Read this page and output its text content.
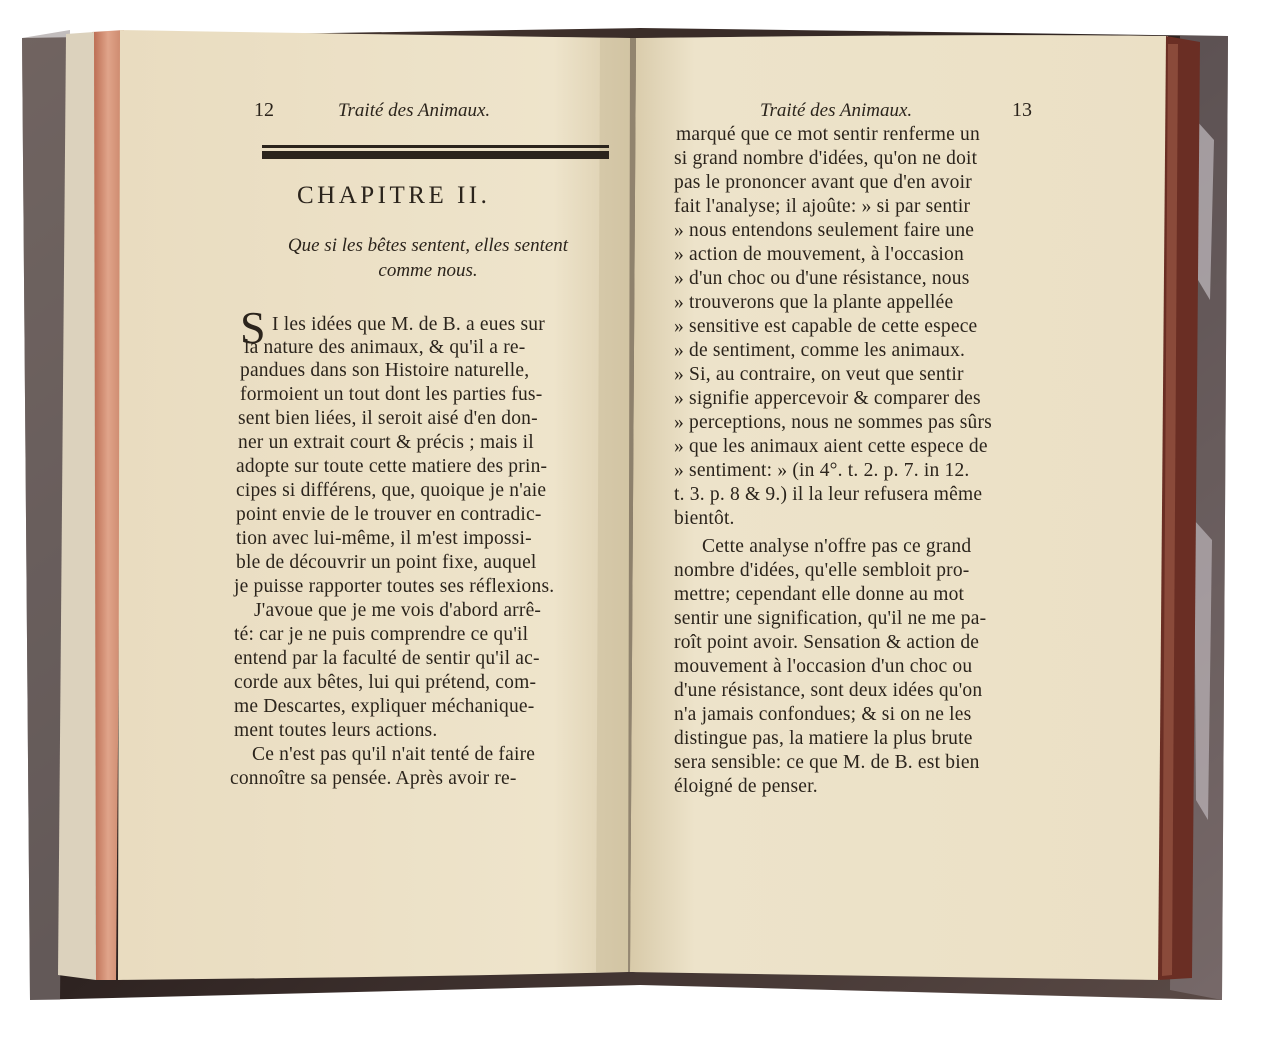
12	Traité des Animaux.
CHAPITRE II.
Que si les bêtes sentent, elles sentent
comme nous.
S I les idées que M. de B. a eues sur
la nature des animaux, & qu'il a re-
pandues dans son Histoire naturelle,
formoient un tout dont les parties fus-
sent bien liées, il seroit aisé d'en don-
ner un extrait court & précis ; mais il
adopte sur toute cette matiere des prin-
cipes si différens, que, quoique je n'aie
point envie de le trouver en contradic-
tion avec lui-même, il m'est impossi-
ble de découvrir un point fixe, auquel
je puisse rapporter toutes ses réflexions.
J'avoue que je me vois d'abord arrê-
té: car je ne puis comprendre ce qu'il
entend par la faculté de sentir qu'il ac-
corde aux bêtes, lui qui prétend, com-
me Descartes, expliquer méchanique-
ment toutes leurs actions.
Ce n'est pas qu'il n'ait tenté de faire
connoître sa pensée. Après avoir re-
Traité des Animaux.	13
marqué que ce mot sentir renferme un
si grand nombre d'idées, qu'on ne doit
pas le prononcer avant que d'en avoir
fait l'analyse; il ajoûte: » si par sentir
» nous entendons seulement faire une
» action de mouvement, à l'occasion
» d'un choc ou d'une résistance, nous
» trouverons que la plante appellée
» sensitive est capable de cette espece
» de sentiment, comme les animaux.
» Si, au contraire, on veut que sentir
» signifie appercevoir & comparer des
» perceptions, nous ne sommes pas sûrs
» que les animaux aient cette espece de
» sentiment: » (in 4°. t. 2. p. 7. in 12.
t. 3. p. 8 & 9.) il la leur refusera même
bientôt.
Cette analyse n'offre pas ce grand
nombre d'idées, qu'elle sembloit pro-
mettre; cependant elle donne au mot
sentir une signification, qu'il ne me pa-
roît point avoir. Sensation & action de
mouvement à l'occasion d'un choc ou
d'une résistance, sont deux idées qu'on
n'a jamais confondues; & si on ne les
distingue pas, la matiere la plus brute
sera sensible: ce que M. de B. est bien
éloigné de penser.
